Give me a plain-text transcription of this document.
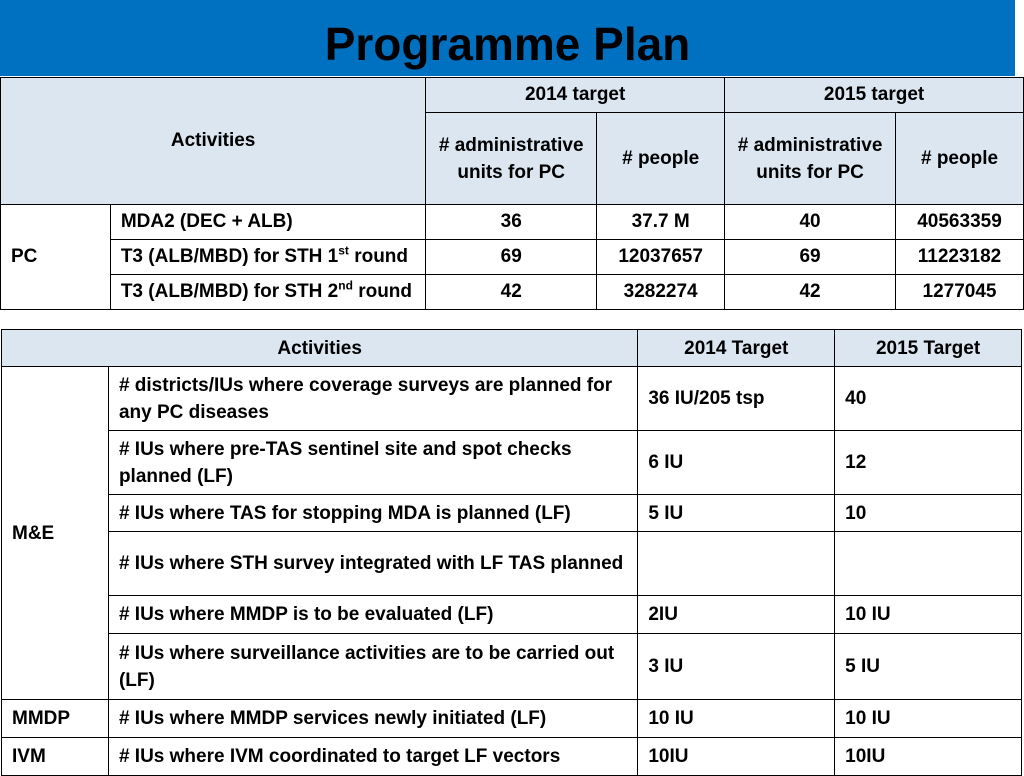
Programme Plan
Activities		2014 target		2015 target	
		# administrative units for PC	# people	# administrative units for PC	# people
PC	MDA2 (DEC + ALB)	36	37.7 M	40	40563359
	T3 (ALB/MBD) for STH 1st round	69	12037657	69	11223182
	T3 (ALB/MBD) for STH 2nd round	42	3282274	42	1277045
Activities		2014 Target	2015 Target
M&E	# districts/IUs where coverage surveys are planned for any PC diseases	36 IU/205 tsp	40
	# IUs where pre-TAS sentinel site and spot checks planned (LF)	6 IU	12
	# IUs where TAS for stopping MDA is planned (LF)	5 IU	10
	# IUs where STH survey integrated with LF TAS planned		
	# IUs where MMDP is to be evaluated (LF)	2IU	10 IU
	# IUs where surveillance activities are to be carried out (LF)	3 IU	5 IU
MMDP	# IUs where MMDP services newly initiated (LF)	10 IU	10 IU
IVM	# IUs where IVM coordinated to target LF vectors	10IU	10IU
